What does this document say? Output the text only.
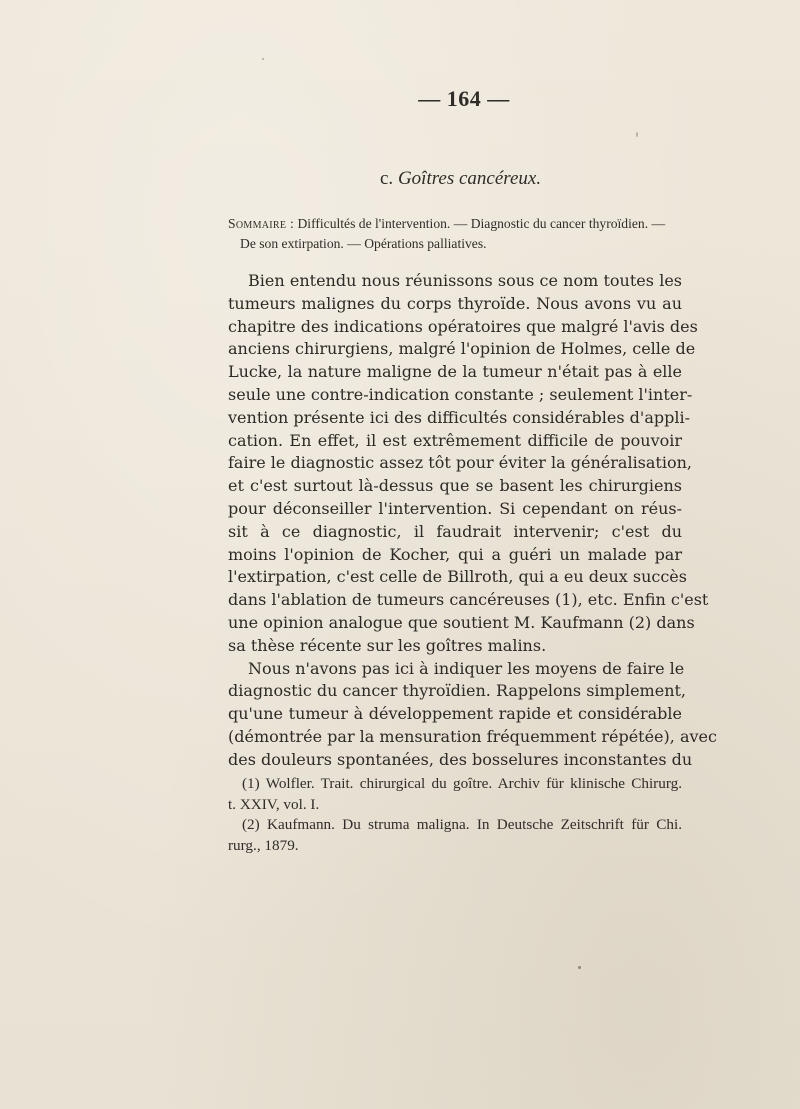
— 164 —
c. Goîtres cancéreux.
Sommaire : Difficultés de l'intervention. — Diagnostic du cancer thyroïdien. —
De son extirpation. — Opérations palliatives.
Bien entendu nous réunissons sous ce nom toutes les
tumeurs malignes du corps thyroïde. Nous avons vu au
chapitre des indications opératoires que malgré l'avis des
anciens chirurgiens, malgré l'opinion de Holmes, celle de
Lucke, la nature maligne de la tumeur n'était pas à elle
seule une contre-indication constante ; seulement l'inter-
vention présente ici des difficultés considérables d'appli-
cation. En effet, il est extrêmement difficile de pouvoir
faire le diagnostic assez tôt pour éviter la généralisation,
et c'est surtout là-dessus que se basent les chirurgiens
pour déconseiller l'intervention. Si cependant on réus-
sit à ce diagnostic, il faudrait intervenir; c'est du
moins l'opinion de Kocher, qui a guéri un malade par
l'extirpation, c'est celle de Billroth, qui a eu deux succès
dans l'ablation de tumeurs cancéreuses (1), etc. Enfin c'est
une opinion analogue que soutient M. Kaufmann (2) dans
sa thèse récente sur les goîtres malins.
Nous n'avons pas ici à indiquer les moyens de faire le
diagnostic du cancer thyroïdien. Rappelons simplement,
qu'une tumeur à développement rapide et considérable
(démontrée par la mensuration fréquemment répétée), avec
des douleurs spontanées, des bosselures inconstantes du
(1) Wolfler. Trait. chirurgical du goître. Archiv für klinische Chirurg.
t. XXIV, vol. I.
(2) Kaufmann. Du struma maligna. In Deutsche Zeitschrift für Chi.
rurg., 1879.
